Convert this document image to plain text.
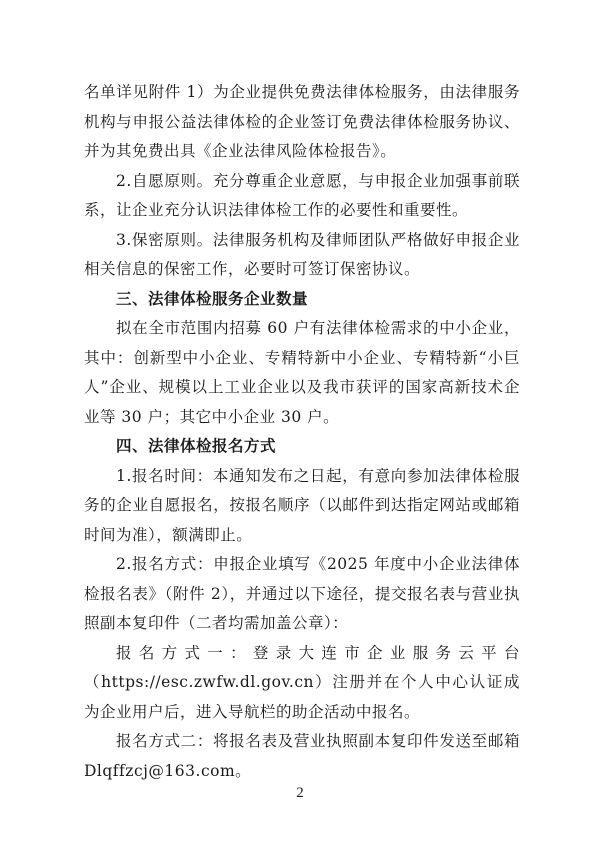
名单详见附件 1）为企业提供免费法律体检服务，由法律服务机构与申报公益法律体检的企业签订免费法律体检服务协议、并为其免费出具《企业法律风险体检报告》。

2.自愿原则。充分尊重企业意愿，与申报企业加强事前联系，让企业充分认识法律体检工作的必要性和重要性。

3.保密原则。法律服务机构及律师团队严格做好申报企业相关信息的保密工作，必要时可签订保密协议。

三、法律体检服务企业数量

拟在全市范围内招募 60 户有法律体检需求的中小企业，其中：创新型中小企业、专精特新中小企业、专精特新“小巨人”企业、规模以上工业企业以及我市获评的国家高新技术企业等 30 户；其它中小企业 30 户。

四、法律体检报名方式

1.报名时间：本通知发布之日起，有意向参加法律体检服务的企业自愿报名，按报名顺序（以邮件到达指定网站或邮箱时间为准），额满即止。

2.报名方式：申报企业填写《2025 年度中小企业法律体检报名表》（附件 2），并通过以下途径，提交报名表与营业执照副本复印件（二者均需加盖公章）：

报名方式一：登录大连市企业服务云平台（https://esc.zwfw.dl.gov.cn）注册并在个人中心认证成为企业用户后，进入导航栏的助企活动中报名。

报名方式二：将报名表及营业执照副本复印件发送至邮箱 Dlqffzcj@163.com。

2
